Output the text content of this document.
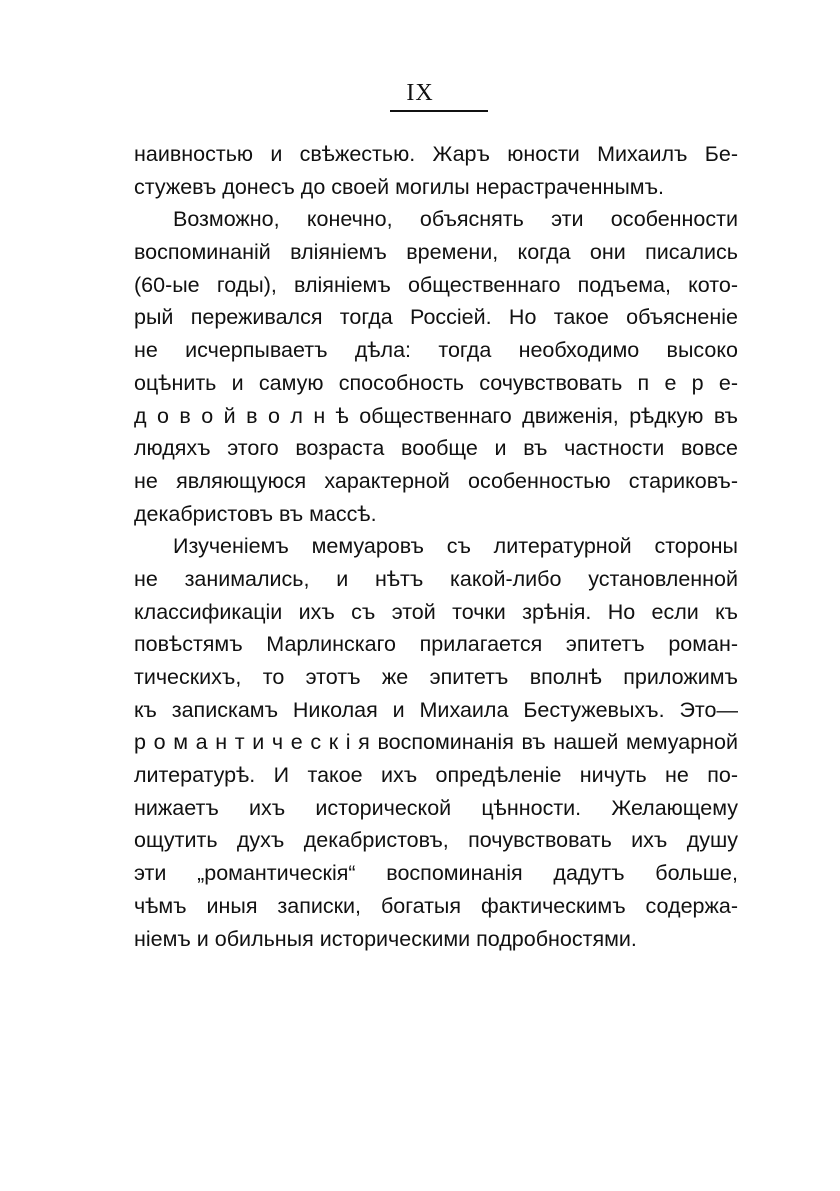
IX
наивностью и свѣжестью. Жаръ юности Михаилъ Бе-
стужевъ донесъ до своей могилы нерастраченнымъ.
Возможно, конечно, объяснять эти особенности
воспоминанiй влiянiемъ времени, когда они писались
(60-ые годы), влiянiемъ общественнаго подъема, кото-
рый переживался тогда Россiей. Но такое объясненiе
не исчерпываетъ дѣла: тогда необходимо высоко
оцѣнить и самую способность сочувствовать п е р е-
д о в о й в о л н ѣ общественнаго движенiя, рѣдкую въ
людяхъ этого возраста вообще и въ частности вовсе
не являющуюся характерной особенностью стариковъ-
декабристовъ въ массѣ.
Изученiемъ мемуаровъ съ литературной стороны
не занимались, и нѣтъ какой-либо установленной
классификацiи ихъ съ этой точки зрѣнiя. Но если къ
повѣстямъ Марлинскаго прилагается эпитетъ роман-
тическихъ, то этотъ же эпитетъ вполнѣ приложимъ
къ запискамъ Николая и Михаила Бестужевыхъ. Это—
р о м а н т и ч е с к i я воспоминанiя въ нашей мемуарной
литературѣ. И такое ихъ опредѣленiе ничуть не по-
нижаетъ ихъ исторической цѣнности. Желающему
ощутить духъ декабристовъ, почувствовать ихъ душу
эти „романтическiя“ воспоминанiя дадутъ больше,
чѣмъ иныя записки, богатыя фактическимъ содержа-
нiемъ и обильныя историческими подробностями.
